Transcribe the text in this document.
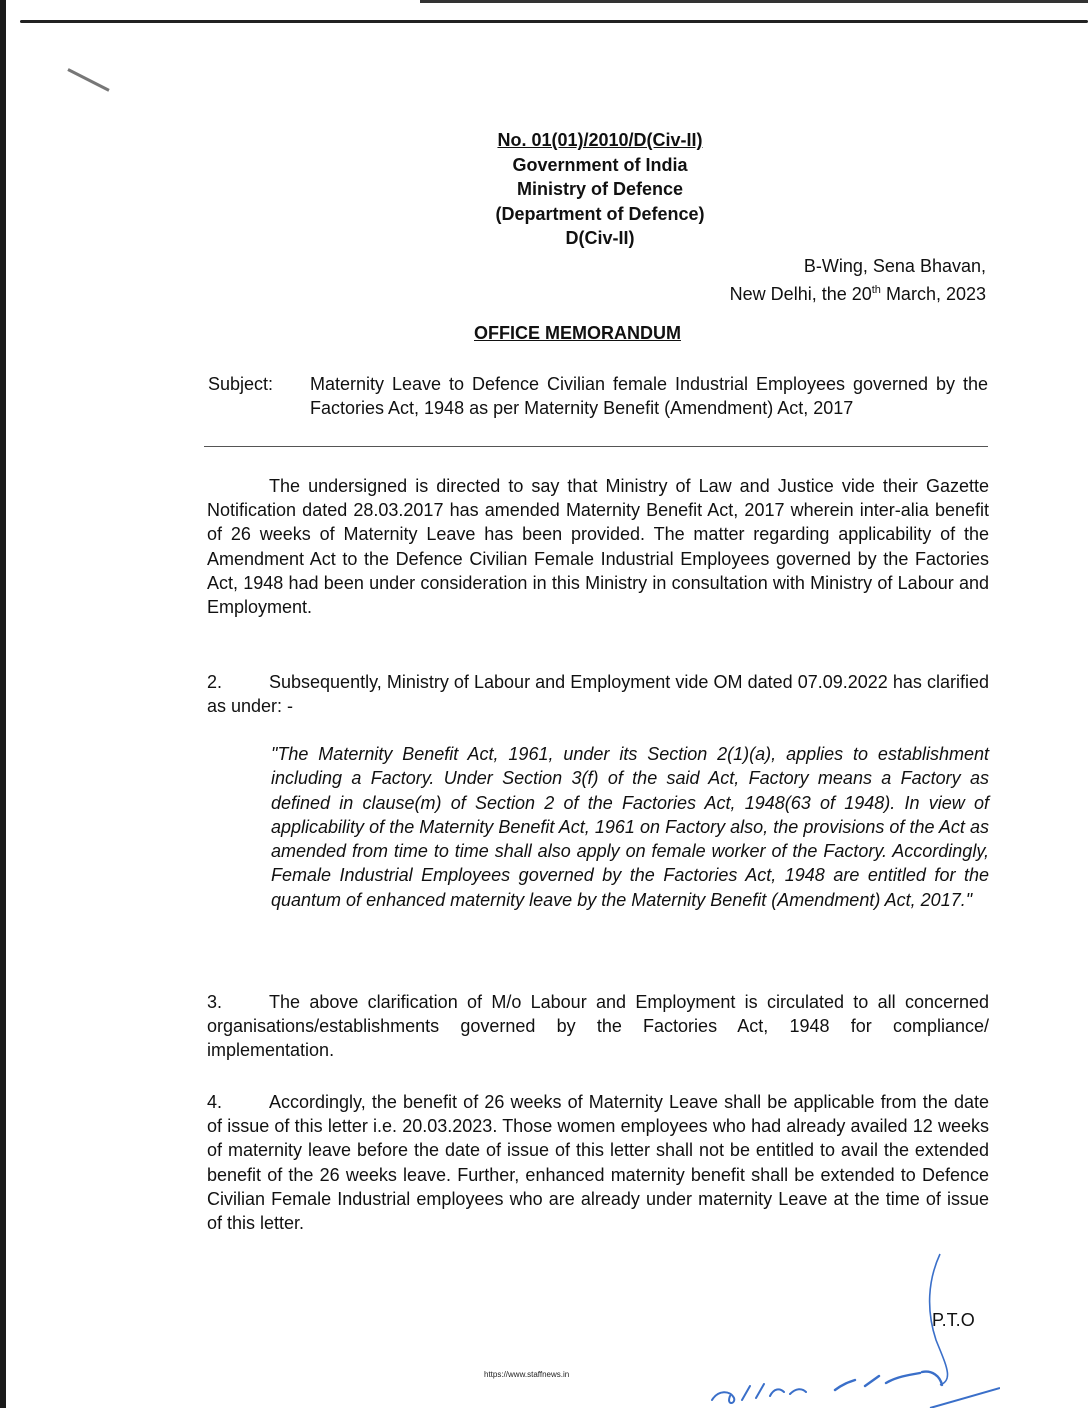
No. 01(01)/2010/D(Civ-II)
Government of India
Ministry of Defence
(Department of Defence)
D(Civ-II)
B-Wing, Sena Bhavan,
New Delhi, the 20th March, 2023
OFFICE MEMORANDUM
Subject: Maternity Leave to Defence Civilian female Industrial Employees governed by the Factories Act, 1948 as per Maternity Benefit (Amendment) Act, 2017
The undersigned is directed to say that Ministry of Law and Justice vide their Gazette Notification dated 28.03.2017 has amended Maternity Benefit Act, 2017 wherein inter-alia benefit of 26 weeks of Maternity Leave has been provided. The matter regarding applicability of the Amendment Act to the Defence Civilian Female Industrial Employees governed by the Factories Act, 1948 had been under consideration in this Ministry in consultation with Ministry of Labour and Employment.
2.	Subsequently, Ministry of Labour and Employment vide OM dated 07.09.2022 has clarified as under: -
"The Maternity Benefit Act, 1961, under its Section 2(1)(a), applies to establishment including a Factory. Under Section 3(f) of the said Act, Factory means a Factory as defined in clause(m) of Section 2 of the Factories Act, 1948(63 of 1948). In view of applicability of the Maternity Benefit Act, 1961 on Factory also, the provisions of the Act as amended from time to time shall also apply on female worker of the Factory. Accordingly, Female Industrial Employees governed by the Factories Act, 1948 are entitled for the quantum of enhanced maternity leave by the Maternity Benefit (Amendment) Act, 2017."
3.	The above clarification of M/o Labour and Employment is circulated to all concerned organisations/establishments governed by the Factories Act, 1948 for compliance/ implementation.
4.	Accordingly, the benefit of 26 weeks of Maternity Leave shall be applicable from the date of issue of this letter i.e. 20.03.2023. Those women employees who had already availed 12 weeks of maternity leave before the date of issue of this letter shall not be entitled to avail the extended benefit of the 26 weeks leave. Further, enhanced maternity benefit shall be extended to Defence Civilian Female Industrial employees who are already under maternity Leave at the time of issue of this letter.
P.T.O
https://www.staffnews.in
